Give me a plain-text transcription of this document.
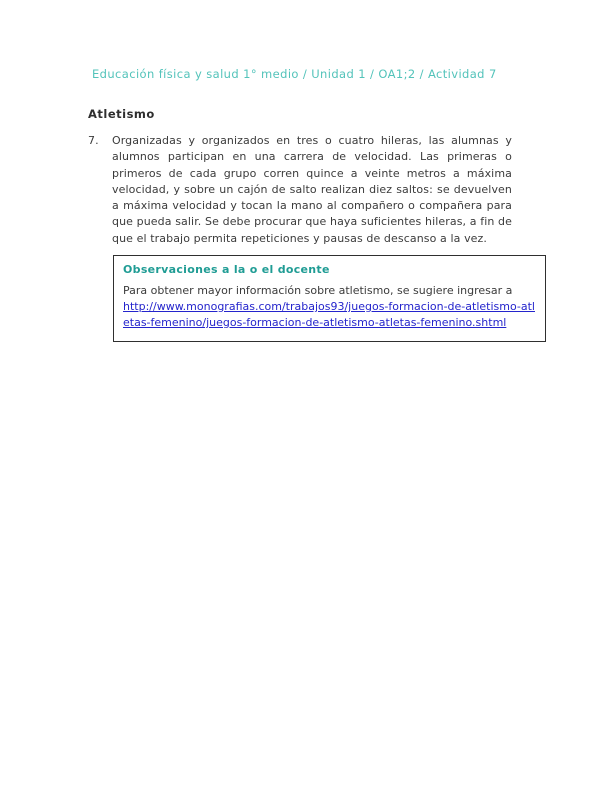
Educación física y salud 1° medio / Unidad 1 / OA1;2 / Actividad 7
Atletismo
7.	Organizadas y organizados en tres o cuatro hileras, las alumnas y alumnos participan en una carrera de velocidad. Las primeras o primeros de cada grupo corren quince a veinte metros a máxima velocidad, y sobre un cajón de salto realizan diez saltos: se devuelven a máxima velocidad y tocan la mano al compañero o compañera para que pueda salir. Se debe procurar que haya suficientes hileras, a fin de que el trabajo permita repeticiones y pausas de descanso a la vez.
Observaciones a la o el docente
Para obtener mayor información sobre atletismo, se sugiere ingresar a
http://www.monografias.com/trabajos93/juegos-formacion-de-atletismo-atletas-femenino/juegos-formacion-de-atletismo-atletas-femenino.shtml
